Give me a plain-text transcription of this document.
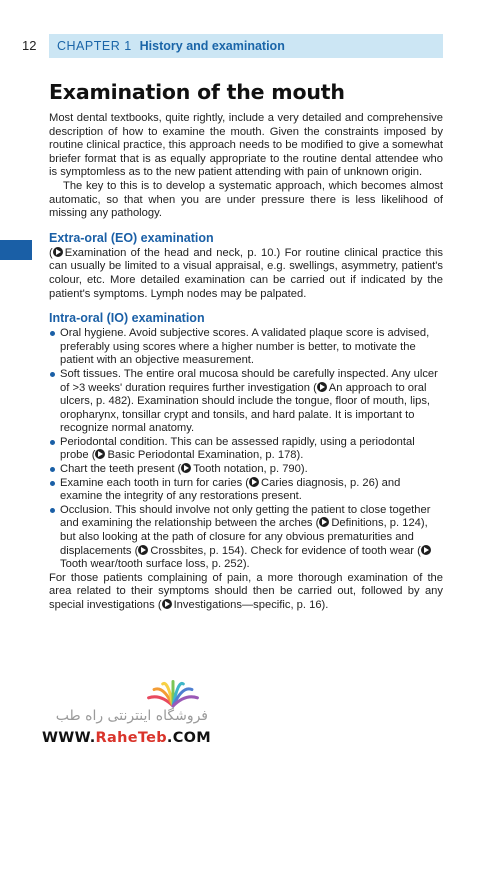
12 CHAPTER 1 History and examination
Examination of the mouth

Most dental textbooks, quite rightly, include a very detailed and comprehensive description of how to examine the mouth. Given the constraints imposed by routine clinical practice, this approach needs to be modified to give a somewhat briefer format that is as equally appropriate to the routine dental attendee who is symptomless as to the new patient attending with pain of unknown origin.

The key to this is to develop a systematic approach, which becomes almost automatic, so that when you are under pressure there is less likelihood of missing any pathology.

Extra-oral (EO) examination

( Examination of the head and neck, p. 10.) For routine clinical practice this can usually be limited to a visual appraisal, e.g. swellings, asymmetry, patient's colour, etc. More detailed examination can be carried out if indicated by the patient's symptoms. Lymph nodes may be palpated.

Intra-oral (IO) examination
Oral hygiene. Avoid subjective scores. A validated plaque score is advised, preferably using scores where a higher number is better, to motivate the patient with an objective measurement.
Soft tissues. The entire oral mucosa should be carefully inspected. Any ulcer of >3 weeks' duration requires further investigation ( An approach to oral ulcers, p. 482). Examination should include the tongue, floor of mouth, lips, oropharynx, tonsillar crypt and tonsils, and hard palate. It is important to recognize normal anatomy.
Periodontal condition. This can be assessed rapidly, using a periodontal probe ( Basic Periodontal Examination, p. 178).
Chart the teeth present ( Tooth notation, p. 790).
Examine each tooth in turn for caries ( Caries diagnosis, p. 26) and examine the integrity of any restorations present.
Occlusion. This should involve not only getting the patient to close together and examining the relationship between the arches ( Definitions, p. 124), but also looking at the path of closure for any obvious prematurities and displacements ( Crossbites, p. 154). Check for evidence of tooth wear (Tooth wear/tooth surface loss, p. 252).

For those patients complaining of pain, a more thorough examination of the area related to their symptoms should then be carried out, followed by any special investigations ( Investigations—specific, p. 16).

فروشگاه اینترنتی راه طب
WWW.RaheTeb.COM
